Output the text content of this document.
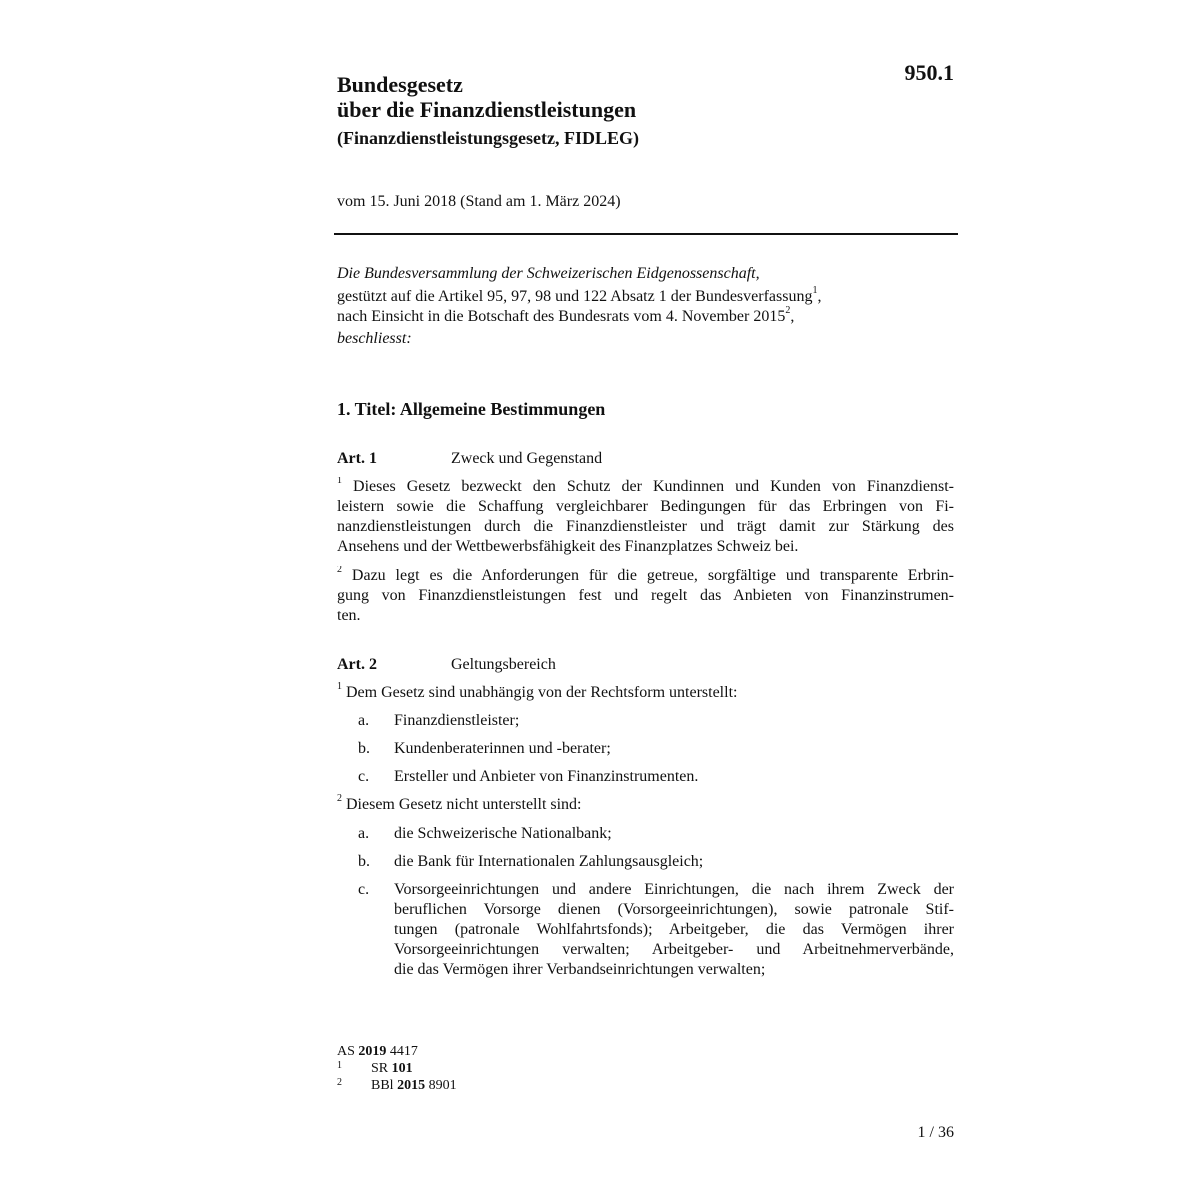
950.1
Bundesgesetz
über die Finanzdienstleistungen
(Finanzdienstleistungsgesetz, FIDLEG)
vom 15. Juni 2018 (Stand am 1. März 2024)
Die Bundesversammlung der Schweizerischen Eidgenossenschaft,
gestützt auf die Artikel 95, 97, 98 und 122 Absatz 1 der Bundesverfassung$^1$,
nach Einsicht in die Botschaft des Bundesrats vom 4. November 2015$^2$,
beschliesst:
1. Titel: Allgemeine Bestimmungen
Art. 1	Zweck und Gegenstand
$^1$ Dieses Gesetz bezweckt den Schutz der Kundinnen und Kunden von Finanzdienst-
leistern sowie die Schaffung vergleichbarer Bedingungen für das Erbringen von Fi-
nanzdienstleistungen durch die Finanzdienstleister und trägt damit zur Stärkung des
Ansehens und der Wettbewerbsfähigkeit des Finanzplatzes Schweiz bei.
$^2$ Dazu legt es die Anforderungen für die getreue, sorgfältige und transparente Erbrin-
gung von Finanzdienstleistungen fest und regelt das Anbieten von Finanzinstrumen-
ten.
Art. 2	Geltungsbereich
$^1$ Dem Gesetz sind unabhängig von der Rechtsform unterstellt:
a. Finanzdienstleister;
b. Kundenberaterinnen und -berater;
c. Ersteller und Anbieter von Finanzinstrumenten.
$^2$ Diesem Gesetz nicht unterstellt sind:
a. die Schweizerische Nationalbank;
b. die Bank für Internationalen Zahlungsausgleich;
c. Vorsorgeeinrichtungen und andere Einrichtungen, die nach ihrem Zweck der
beruflichen Vorsorge dienen (Vorsorgeeinrichtungen), sowie patronale Stif-
tungen (patronale Wohlfahrtsfonds); Arbeitgeber, die das Vermögen ihrer
Vorsorgeeinrichtungen verwalten; Arbeitgeber- und Arbeitnehmerverbände,
die das Vermögen ihrer Verbandseinrichtungen verwalten;
AS 2019 4417
1 SR 101
2 BBl 2015 8901
1 / 36
